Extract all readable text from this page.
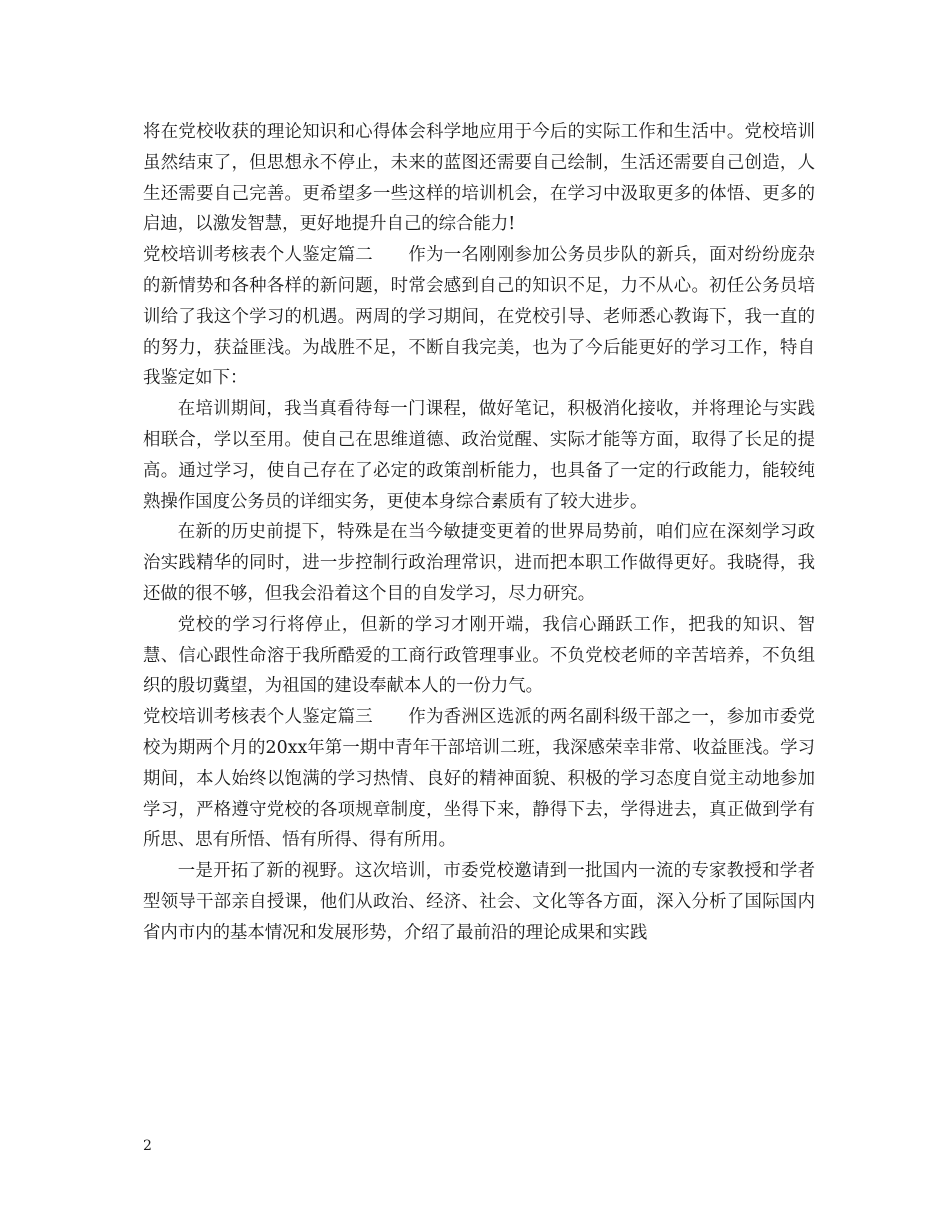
将在党校收获的理论知识和心得体会科学地应用于今后的实际工作和生活中。党校培训虽然结束了，但思想永不停止，未来的蓝图还需要自己绘制，生活还需要自己创造，人生还需要自己完善。更希望多一些这样的培训机会，在学习中汲取更多的体悟、更多的启迪，以激发智慧，更好地提升自己的综合能力!

党校培训考核表个人鉴定篇二　　作为一名刚刚参加公务员步队的新兵，面对纷纷庞杂的新情势和各种各样的新问题，时常会感到自己的知识不足，力不从心。初任公务员培训给了我这个学习的机遇。两周的学习期间，在党校引导、老师悉心教诲下，我一直的的努力，获益匪浅。为战胜不足，不断自我完美，也为了今后能更好的学习工作，特自我鉴定如下：

在培训期间，我当真看待每一门课程，做好笔记，积极消化接收，并将理论与实践相联合，学以至用。使自己在思维道德、政治觉醒、实际才能等方面，取得了长足的提高。通过学习，使自己存在了必定的政策剖析能力，也具备了一定的行政能力，能较纯熟操作国度公务员的详细实务，更使本身综合素质有了较大进步。

在新的历史前提下，特殊是在当今敏捷变更着的世界局势前，咱们应在深刻学习政治实践精华的同时，进一步控制行政治理常识，进而把本职工作做得更好。我晓得，我还做的很不够，但我会沿着这个目的自发学习，尽力研究。

党校的学习行将停止，但新的学习才刚开端，我信心踊跃工作，把我的知识、智慧、信心跟性命溶于我所酷爱的工商行政管理事业。不负党校老师的辛苦培养，不负组织的殷切冀望，为祖国的建设奉献本人的一份力气。

党校培训考核表个人鉴定篇三　　作为香洲区选派的两名副科级干部之一，参加市委党校为期两个月的20xx年第一期中青年干部培训二班，我深感荣幸非常、收益匪浅。学习期间，本人始终以饱满的学习热情、良好的精神面貌、积极的学习态度自觉主动地参加学习，严格遵守党校的各项规章制度，坐得下来，静得下去，学得进去，真正做到学有所思、思有所悟、悟有所得、得有所用。

一是开拓了新的视野。这次培训，市委党校邀请到一批国内一流的专家教授和学者型领导干部亲自授课，他们从政治、经济、社会、文化等各方面，深入分析了国际国内省内市内的基本情况和发展形势，介绍了最前沿的理论成果和实践

2
